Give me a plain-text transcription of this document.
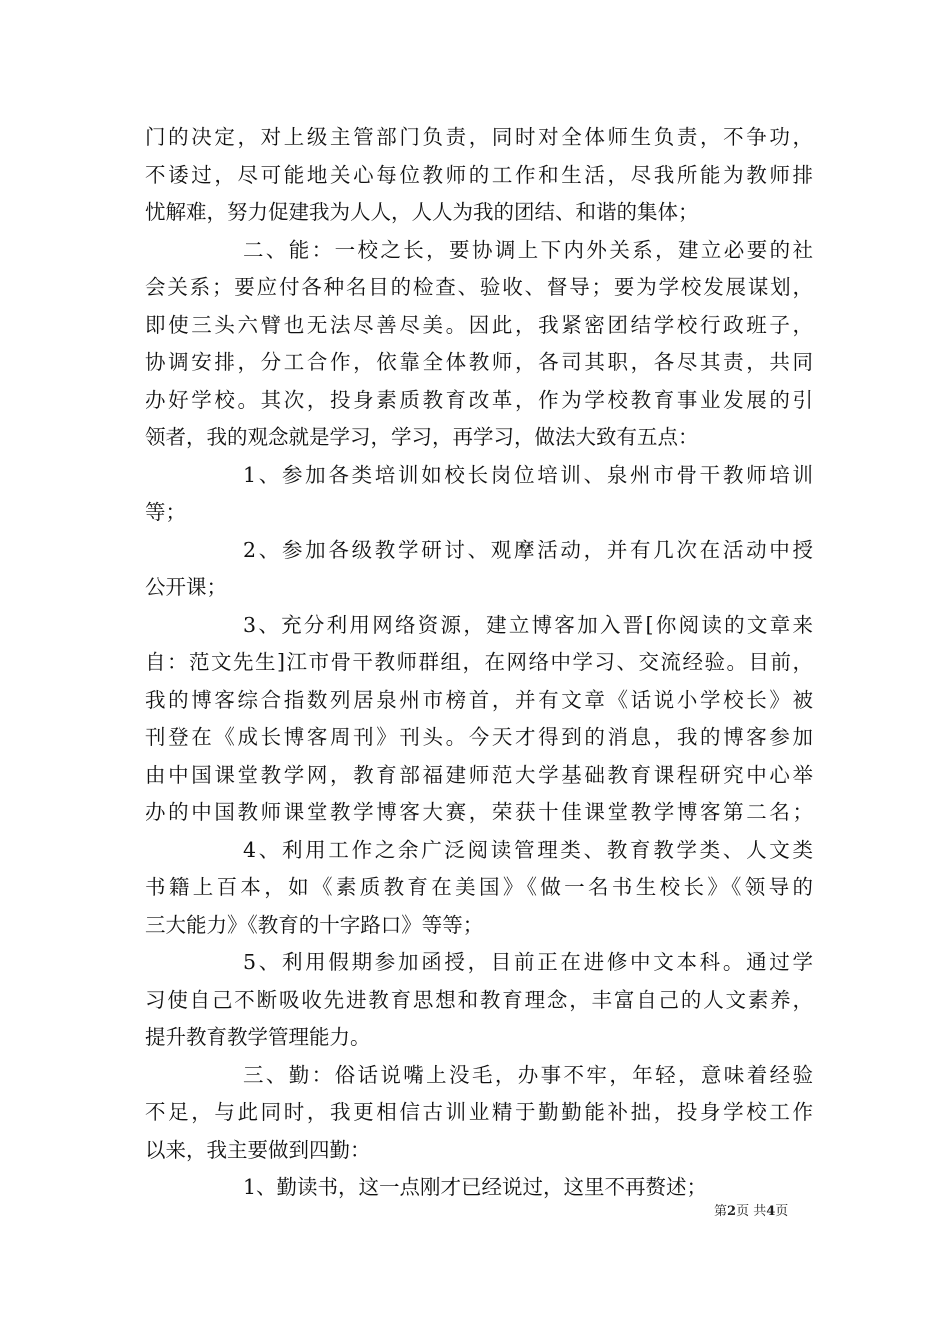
门的决定，对上级主管部门负责，同时对全体师生负责，不争功，
不诿过，尽可能地关心每位教师的工作和生活，尽我所能为教师排
忧解难，努力促建我为人人，人人为我的团结、和谐的集体；
二、能：一校之长，要协调上下内外关系，建立必要的社
会关系；要应付各种名目的检查、验收、督导；要为学校发展谋划，
即使三头六臂也无法尽善尽美。因此，我紧密团结学校行政班子，
协调安排，分工合作，依靠全体教师，各司其职，各尽其责，共同
办好学校。其次，投身素质教育改革，作为学校教育事业发展的引
领者，我的观念就是学习，学习，再学习，做法大致有五点：
1、参加各类培训如校长岗位培训、泉州市骨干教师培训
等；
2、参加各级教学研讨、观摩活动，并有几次在活动中授
公开课；
3、充分利用网络资源，建立博客加入晋[你阅读的文章来
自：范文先生]江市骨干教师群组，在网络中学习、交流经验。目前，
我的博客综合指数列居泉州市榜首，并有文章《话说小学校长》被
刊登在《成长博客周刊》刊头。今天才得到的消息，我的博客参加
由中国课堂教学网，教育部福建师范大学基础教育课程研究中心举
办的中国教师课堂教学博客大赛，荣获十佳课堂教学博客第二名；
4、利用工作之余广泛阅读管理类、教育教学类、人文类
书籍上百本，如《素质教育在美国》《做一名书生校长》《领导的
三大能力》《教育的十字路口》等等；
5、利用假期参加函授，目前正在进修中文本科。通过学
习使自己不断吸收先进教育思想和教育理念，丰富自己的人文素养，
提升教育教学管理能力。
三、勤：俗话说嘴上没毛，办事不牢，年轻，意味着经验
不足，与此同时，我更相信古训业精于勤勤能补拙，投身学校工作
以来，我主要做到四勤：
1、勤读书，这一点刚才已经说过，这里不再赘述；
第2页 共4页
